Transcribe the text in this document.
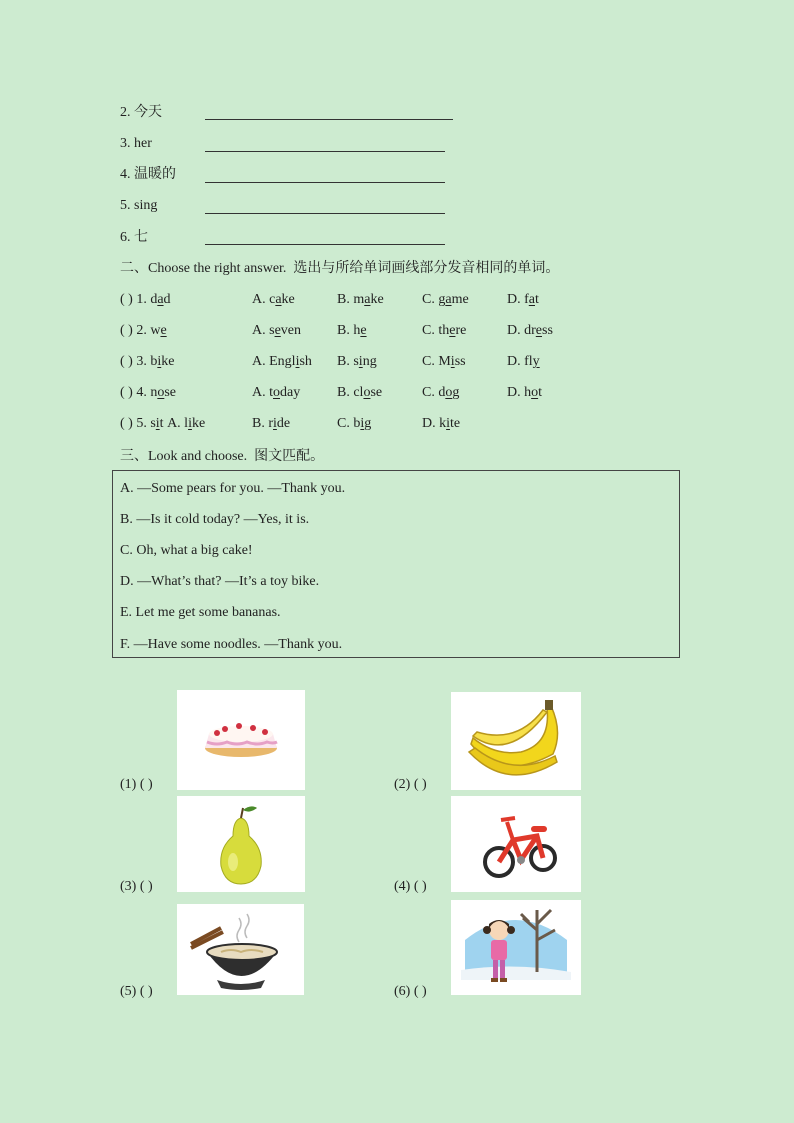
2. 今天
3. her
4. 温暖的
5. sing
6. 七
二、Choose the right answer. 选出与所给单词画线部分发音相同的单词。
( ) 1. dad	A. cake	B. make	C. game	D. fat
( ) 2. we	A. seven	B. he	C. there	D. dress
( ) 3. bike	A. English B. sing	C. Miss	D. fly
( ) 4. nose	A. today	B. close	C. dog	D. hot
( ) 5. sit A. like	B. ride	C. big	D. kite
三、Look and choose. 图文匹配。
A. —Some pears for you. —Thank you.
B. —Is it cold today? —Yes, it is.
C. Oh, what a big cake!
D. —What’s that? —It’s a toy bike.
E. Let me get some bananas.
F. —Have some noodles. —Thank you.
(1) ( )	(2) ( )
(3) ( )	(4) ( )
(5) ( )	(6) ( )
